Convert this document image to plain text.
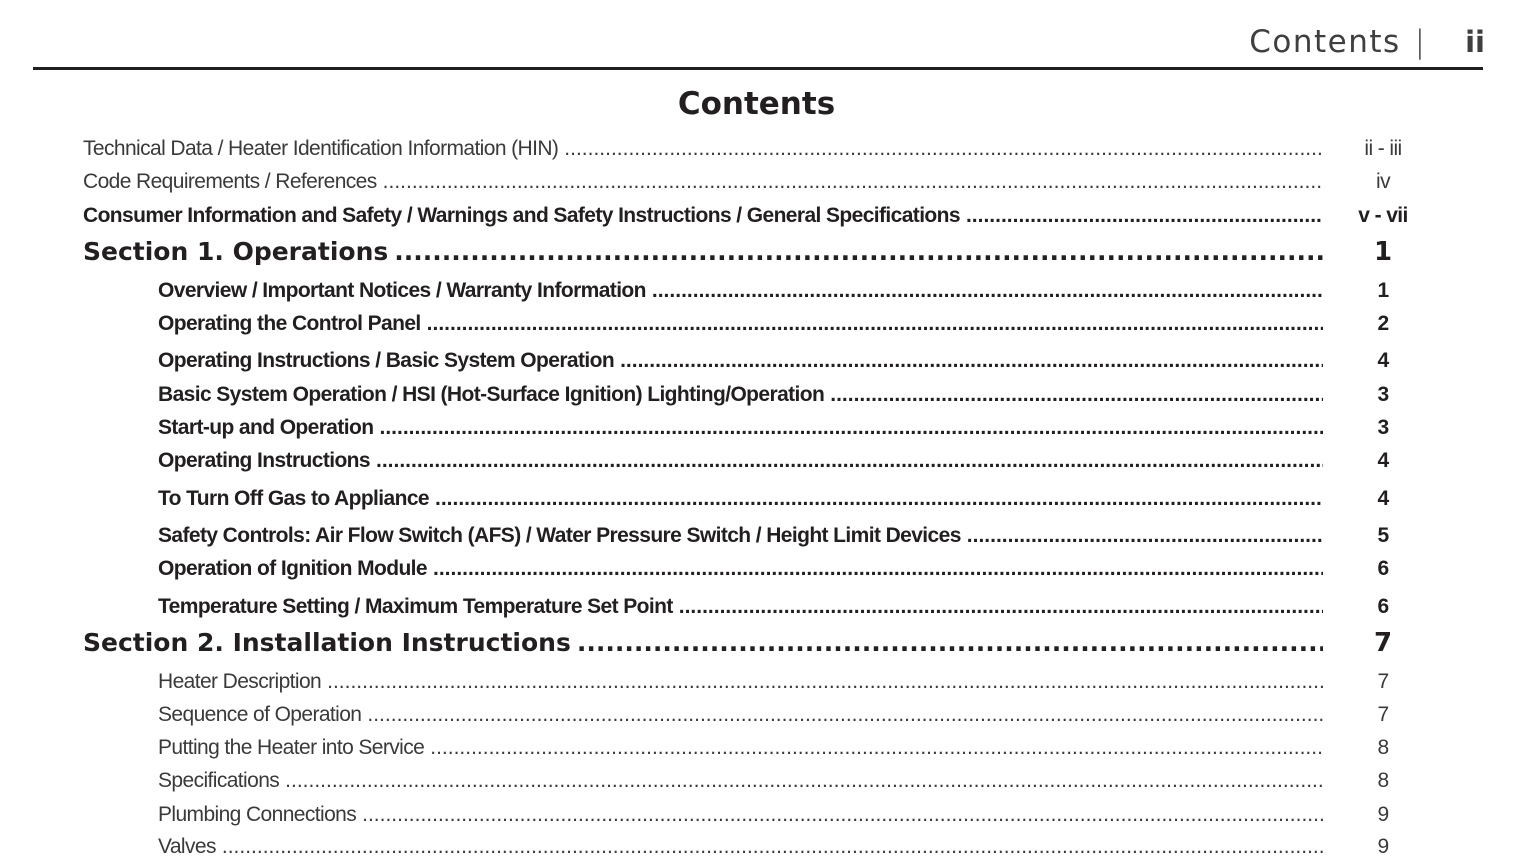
Contents | ii
Contents
Technical Data / Heater Identification Information (HIN) .....	ii - iii
Code Requirements / References .....	iv
Consumer Information and Safety / Warnings and Safety Instructions / General Specifications .....	v - vii
Section 1. Operations .....	1
Overview / Important Notices / Warranty Information .....	1
Operating the Control Panel .....	2
Operating Instructions / Basic System Operation .....	4
Basic System Operation / HSI (Hot-Surface Ignition) Lighting/Operation .....	3
Start-up and Operation .....	3
Operating Instructions .....	4
To Turn Off Gas to Appliance .....	4
Safety Controls: Air Flow Switch (AFS) / Water Pressure Switch / Height Limit Devices .....	5
Operation of Ignition Module .....	6
Temperature Setting / Maximum Temperature Set Point .....	6
Section 2. Installation Instructions .....	7
Heater Description .....	7
Sequence of Operation .....	7
Putting the Heater into Service .....	8
Specifications .....	8
Plumbing Connections .....	9
Valves .....	9
